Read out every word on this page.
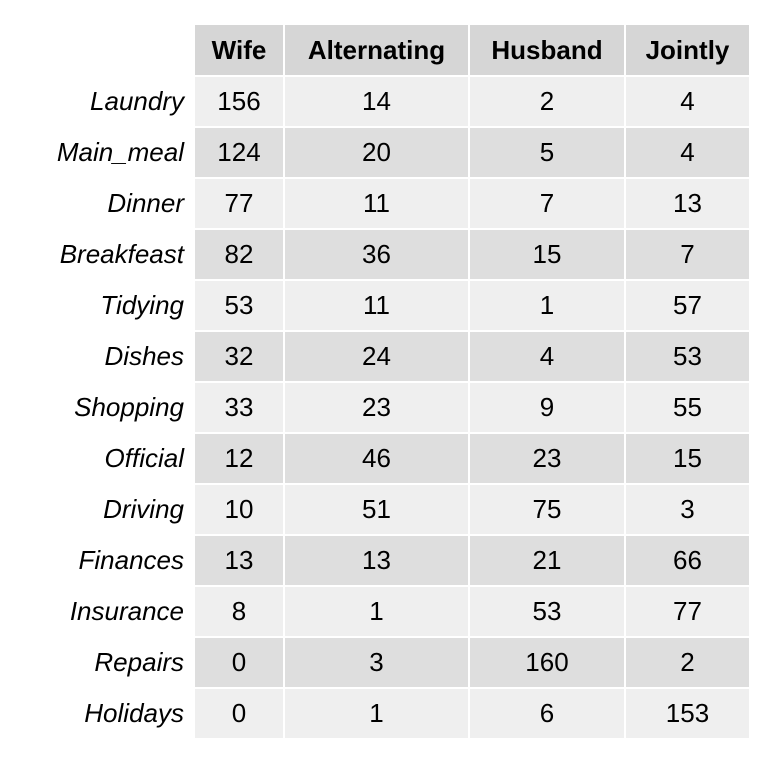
	Wife	Alternating	Husband	Jointly
Laundry	156	14	2	4
Main_meal	124	20	5	4
Dinner	77	11	7	13
Breakfeast	82	36	15	7
Tidying	53	11	1	57
Dishes	32	24	4	53
Shopping	33	23	9	55
Official	12	46	23	15
Driving	10	51	75	3
Finances	13	13	21	66
Insurance	8	1	53	77
Repairs	0	3	160	2
Holidays	0	1	6	153
